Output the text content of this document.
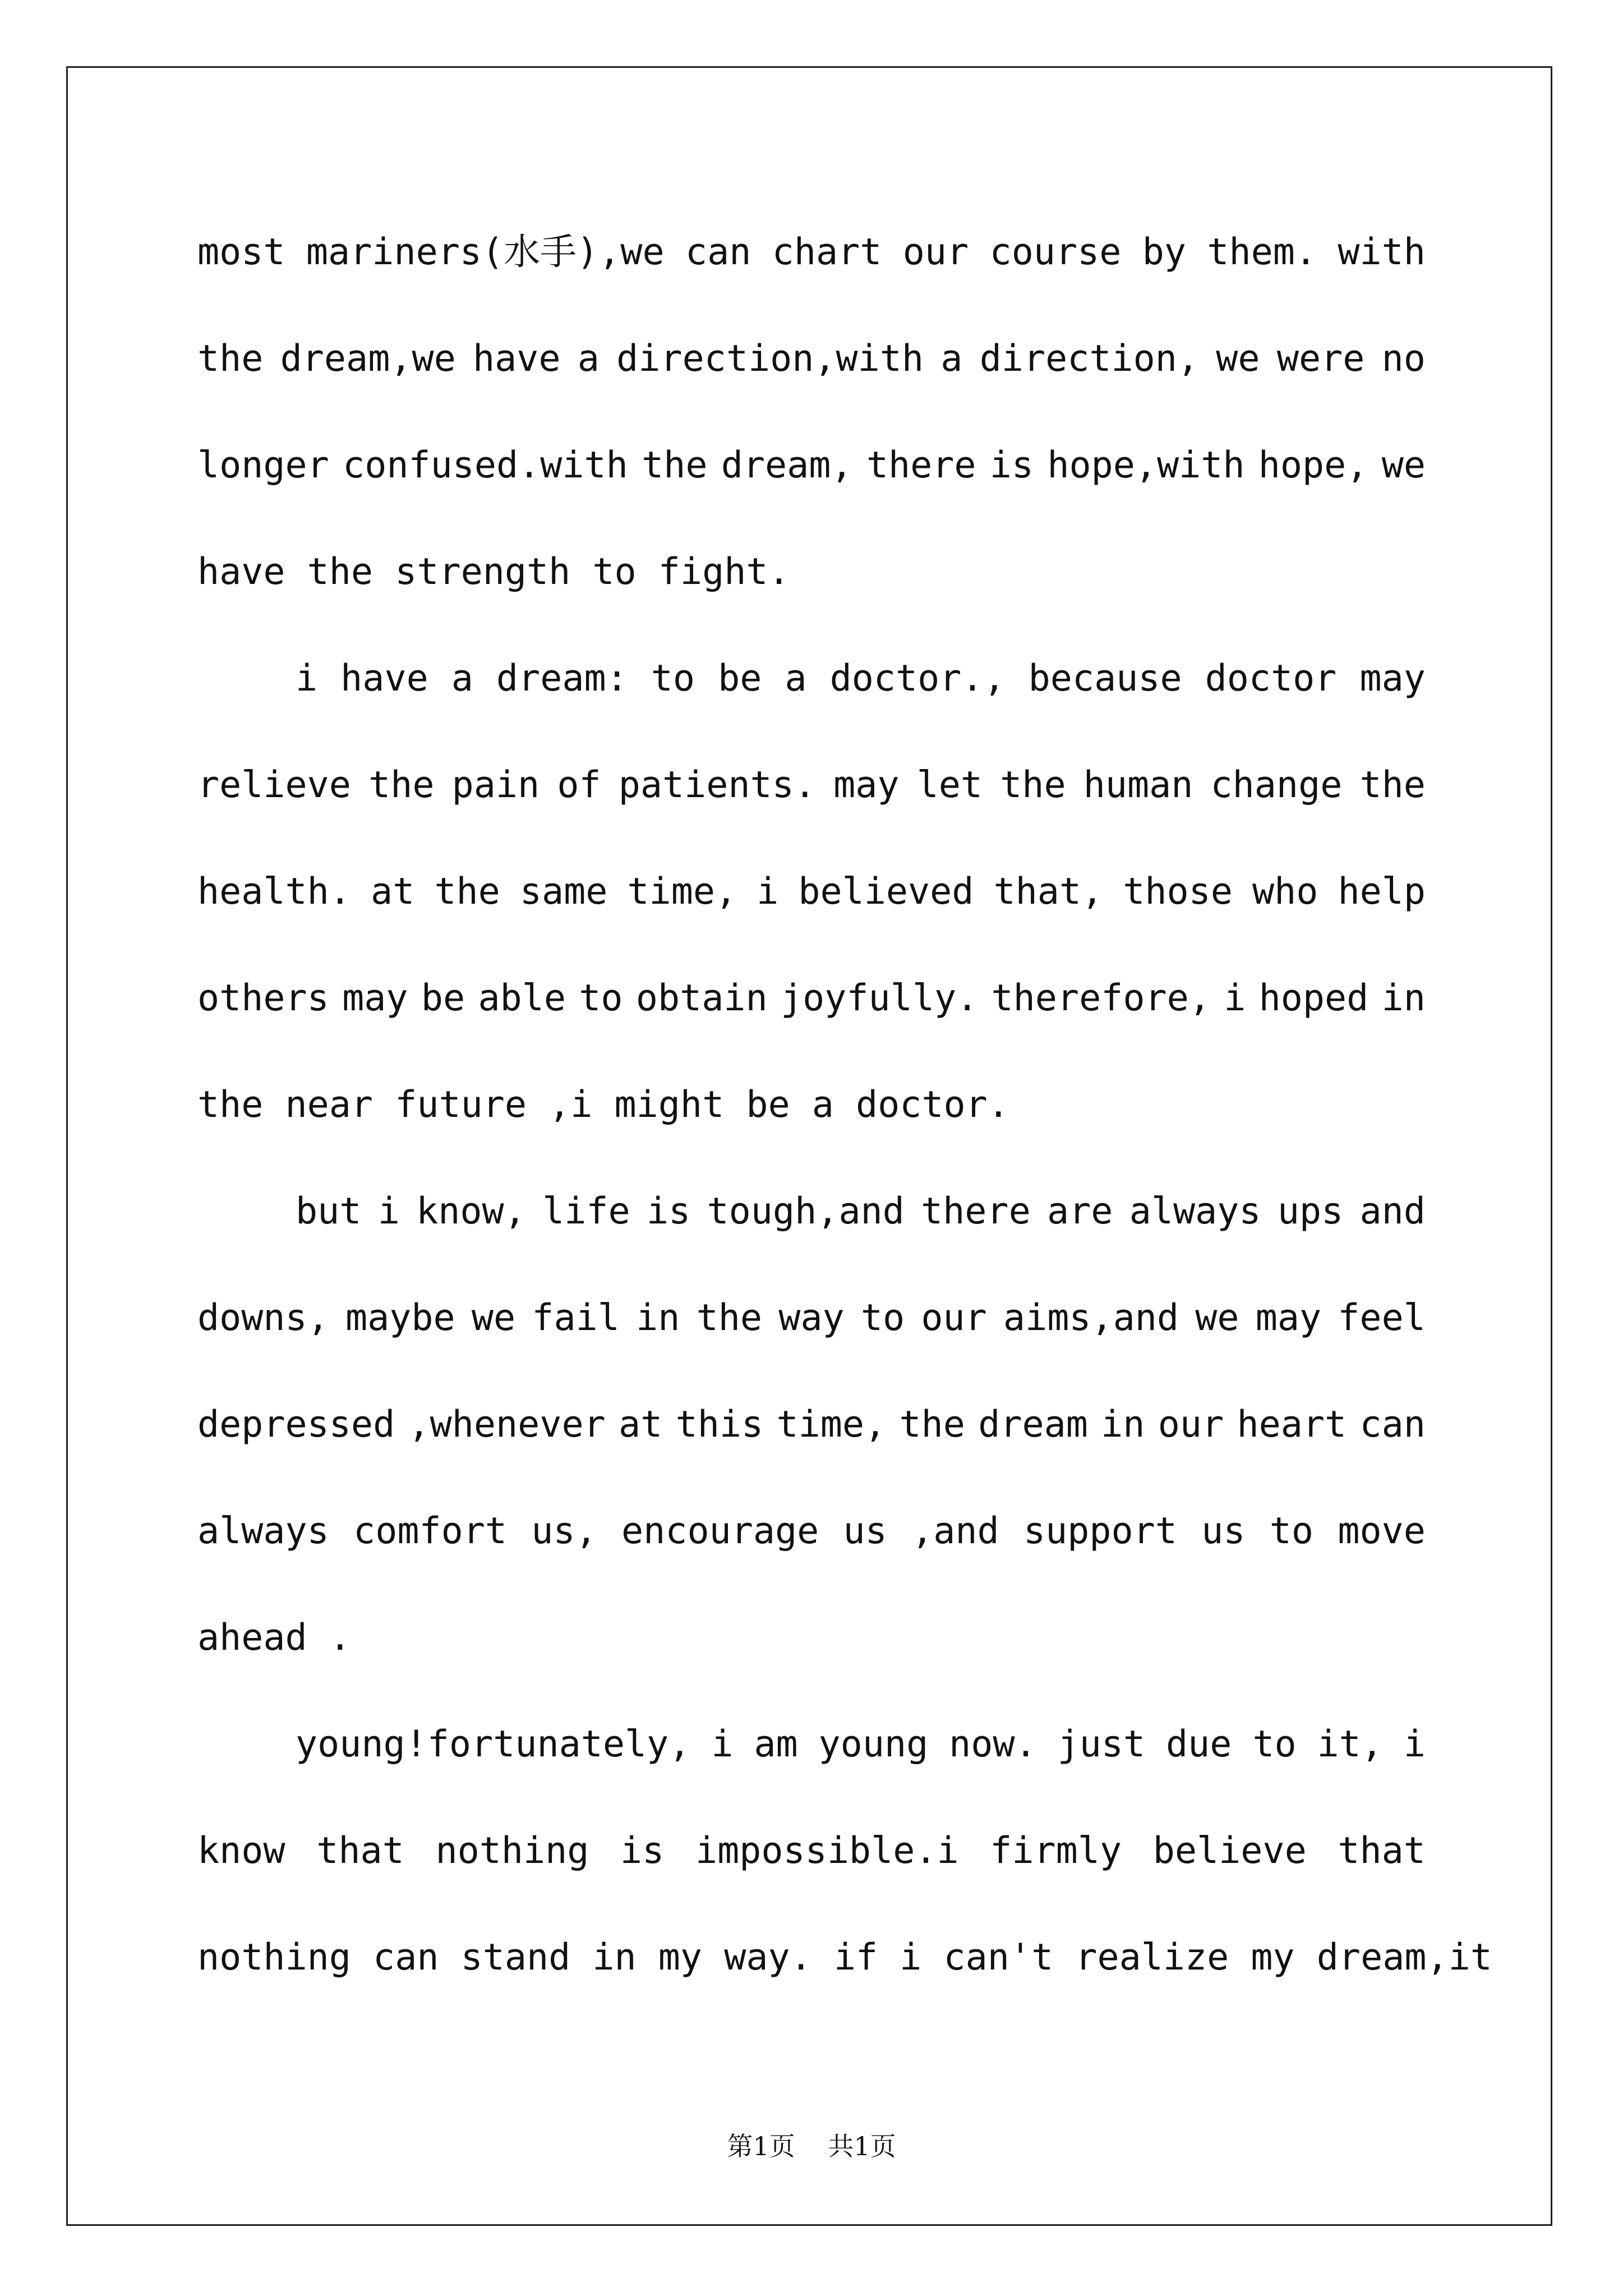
most mariners(水手),we can chart our course by them. with
the dream,we have a direction,with a direction, we were no
longer confused.with the dream, there is hope,with hope, we
have the strength to fight.
i have a dream: to be a doctor., because doctor may
relieve the pain of patients. may let the human change the
health. at the same time, i believed that, those who help
others may be able to obtain joyfully. therefore, i hoped in
the near future ,i might be a doctor.
but i know, life is tough,and there are always ups and
downs, maybe we fail in the way to our aims,and we may feel
depressed ,whenever at this time, the dream in our heart can
always comfort us, encourage us ,and support us to move
ahead .
young!fortunately, i am young now. just due to it, i
know that nothing is impossible.i firmly believe that
nothing can stand in my way. if i can't realize my dream,it
第1页 共1页
